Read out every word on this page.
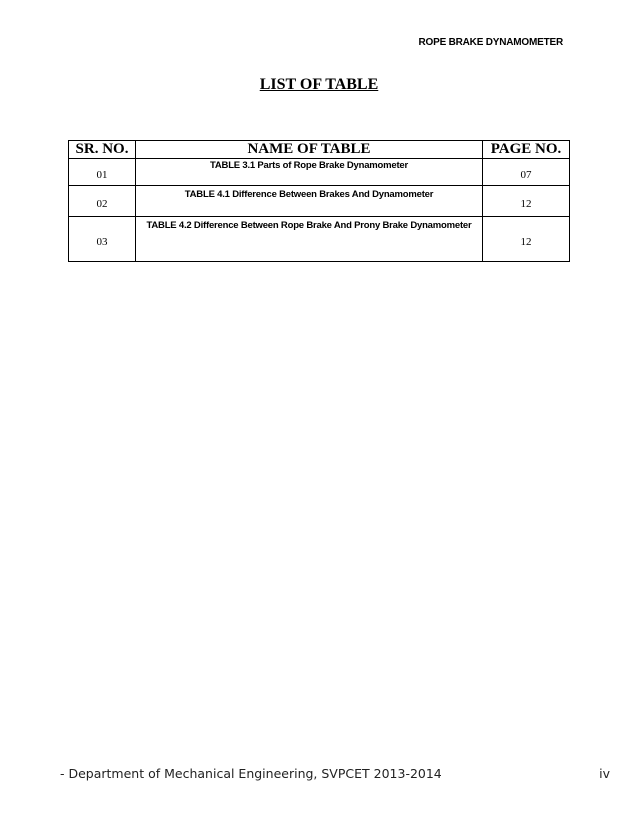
ROPE BRAKE DYNAMOMETER
LIST OF TABLE
SR. NO.	NAME OF TABLE	PAGE NO.
01	TABLE 3.1 Parts of Rope Brake Dynamometer	07
02	TABLE 4.1 Difference Between Brakes And Dynamometer	12
03	TABLE 4.2 Difference Between Rope Brake And Prony Brake Dynamometer	12
- Department of Mechanical Engineering, SVPCET 2013-2014	iv
